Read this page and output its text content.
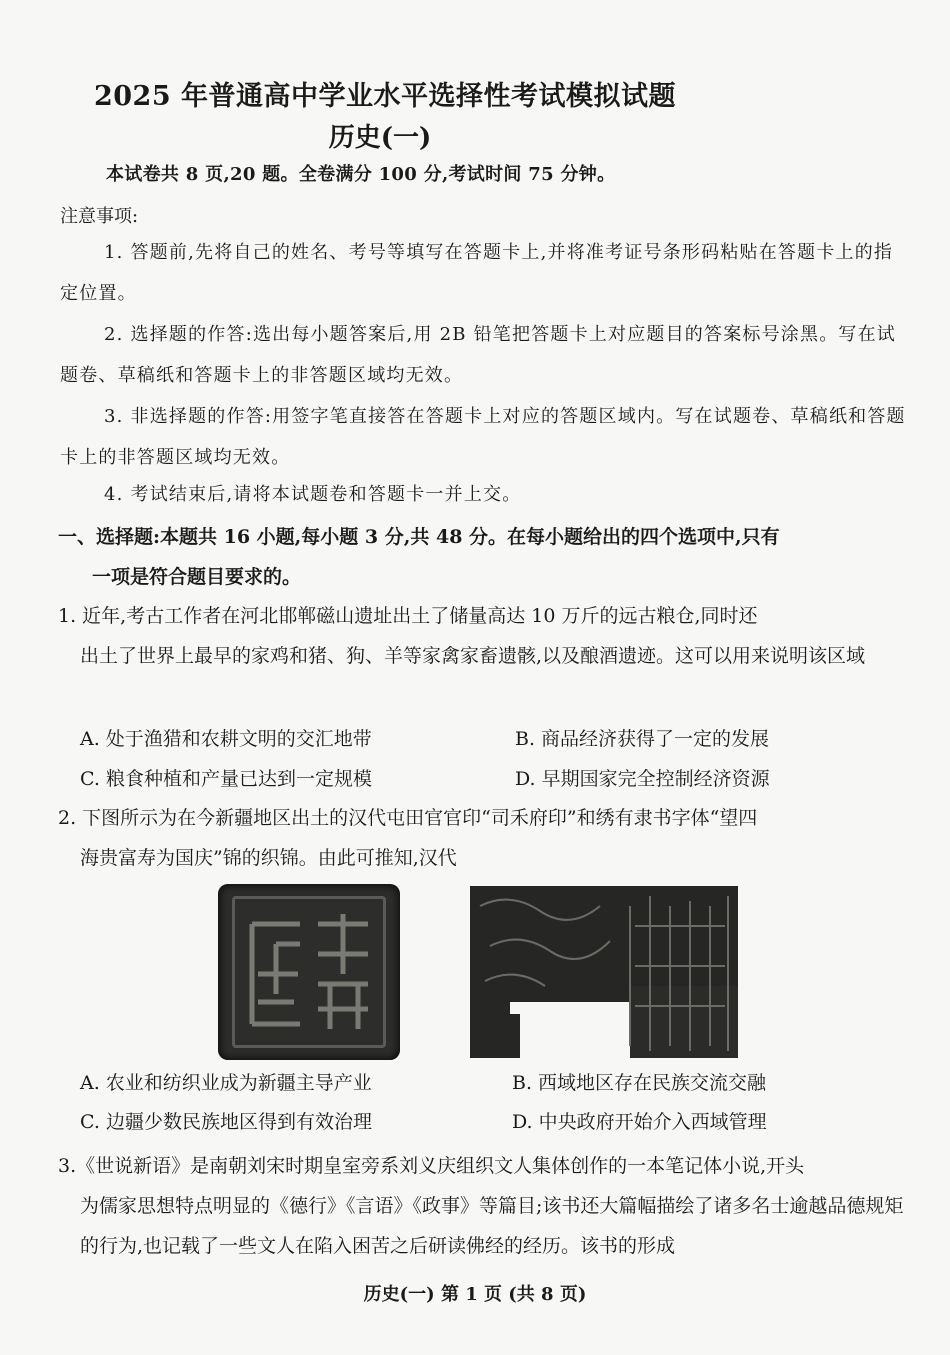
2025 年普通高中学业水平选择性考试模拟试题
历史(一)
本试卷共 8 页,20 题。全卷满分 100 分,考试时间 75 分钟。
注意事项:
1. 答题前,先将自己的姓名、考号等填写在答题卡上,并将准考证号条形码粘贴在答题卡上的指定位置。
2. 选择题的作答:选出每小题答案后,用 2B 铅笔把答题卡上对应题目的答案标号涂黑。写在试题卷、草稿纸和答题卡上的非答题区域均无效。
3. 非选择题的作答:用签字笔直接答在答题卡上对应的答题区域内。写在试题卷、草稿纸和答题卡上的非答题区域均无效。
4. 考试结束后,请将本试题卷和答题卡一并上交。
一、选择题:本题共 16 小题,每小题 3 分,共 48 分。在每小题给出的四个选项中,只有
一项是符合题目要求的。
1. 近年,考古工作者在河北邯郸磁山遗址出土了储量高达 10 万斤的远古粮仓,同时还
出土了世界上最早的家鸡和猪、狗、羊等家禽家畜遗骸,以及酿酒遗迹。这可以用来说明该区域
A. 处于渔猎和农耕文明的交汇地带	B. 商品经济获得了一定的发展
C. 粮食种植和产量已达到一定规模	D. 早期国家完全控制经济资源
2. 下图所示为在今新疆地区出土的汉代屯田官官印“司禾府印”和绣有隶书字体“望四
海贵富寿为国庆”锦的织锦。由此可推知,汉代
A. 农业和纺织业成为新疆主导产业	B. 西域地区存在民族交流交融
C. 边疆少数民族地区得到有效治理	D. 中央政府开始介入西域管理
3.《世说新语》是南朝刘宋时期皇室旁系刘义庆组织文人集体创作的一本笔记体小说,开头
为儒家思想特点明显的《德行》《言语》《政事》等篇目;该书还大篇幅描绘了诸多名士逾越品德规矩的行为,也记载了一些文人在陷入困苦之后研读佛经的经历。该书的形成
历史(一) 第 1 页 (共 8 页)
